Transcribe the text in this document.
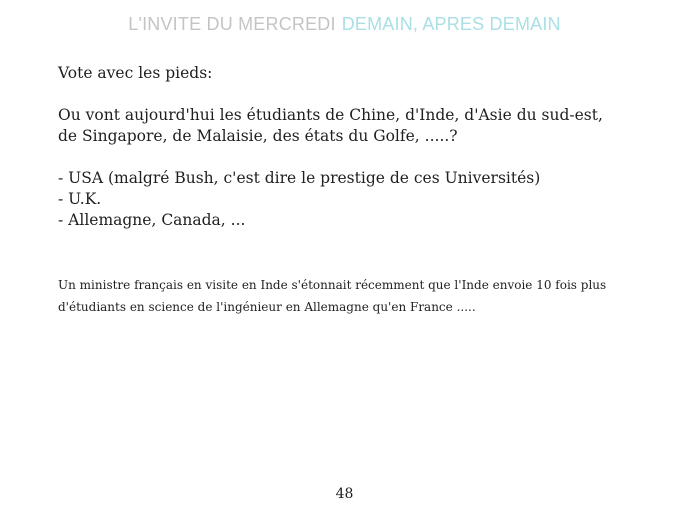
L'INVITE DU MERCREDI DEMAIN, APRES DEMAIN
Vote avec les pieds:
Ou vont aujourd'hui les étudiants de Chine, d'Inde, d'Asie du sud-est,
de Singapore, de Malaisie, des états du Golfe, .....?
- USA (malgré Bush, c'est dire le prestige de ces Universités)
- U.K.
- Allemagne, Canada, ...
Un ministre français en visite en Inde s'étonnait récemment que l'Inde envoie 10 fois plus
d'étudiants en science de l'ingénieur en Allemagne qu'en France .....
48
